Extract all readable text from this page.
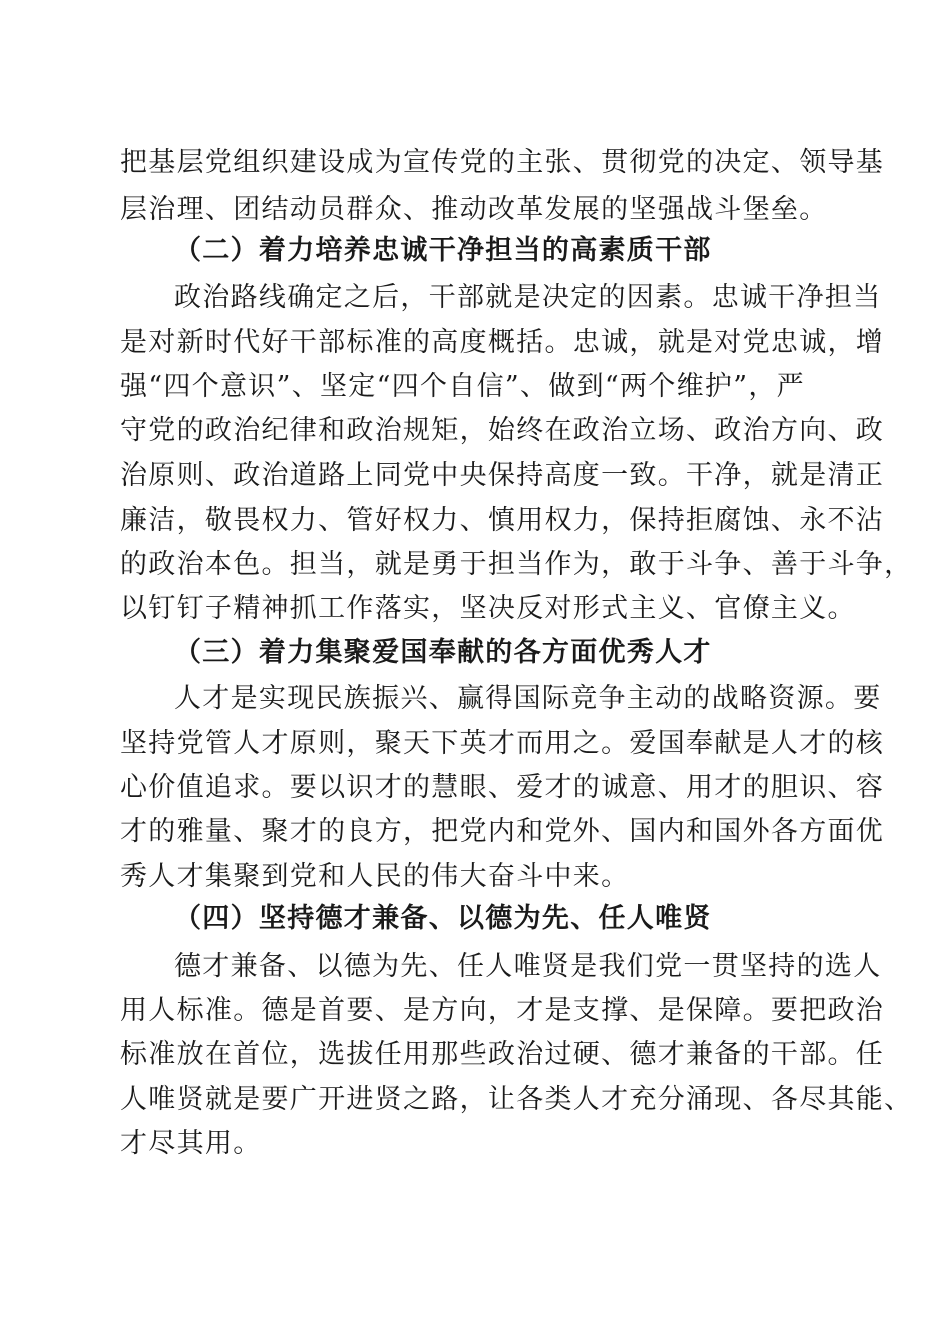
把基层党组织建设成为宣传党的主张、贯彻党的决定、领导基

层治理、团结动员群众、推动改革发展的坚强战斗堡垒。

（二）着力培养忠诚干净担当的高素质干部

政治路线确定之后，干部就是决定的因素。忠诚干净担当

是对新时代好干部标准的高度概括。忠诚，就是对党忠诚，增

强“四个意识”、坚定“四个自信”、做到“两个维护”，严

守党的政治纪律和政治规矩，始终在政治立场、政治方向、政

治原则、政治道路上同党中央保持高度一致。干净，就是清正

廉洁，敬畏权力、管好权力、慎用权力，保持拒腐蚀、永不沾

的政治本色。担当，就是勇于担当作为，敢于斗争、善于斗争，

以钉钉子精神抓工作落实，坚决反对形式主义、官僚主义。

（三）着力集聚爱国奉献的各方面优秀人才

人才是实现民族振兴、赢得国际竞争主动的战略资源。要

坚持党管人才原则，聚天下英才而用之。爱国奉献是人才的核

心价值追求。要以识才的慧眼、爱才的诚意、用才的胆识、容

才的雅量、聚才的良方，把党内和党外、国内和国外各方面优

秀人才集聚到党和人民的伟大奋斗中来。

（四）坚持德才兼备、以德为先、任人唯贤

德才兼备、以德为先、任人唯贤是我们党一贯坚持的选人

用人标准。德是首要、是方向，才是支撑、是保障。要把政治

标准放在首位，选拔任用那些政治过硬、德才兼备的干部。任

人唯贤就是要广开进贤之路，让各类人才充分涌现、各尽其能、

才尽其用。
